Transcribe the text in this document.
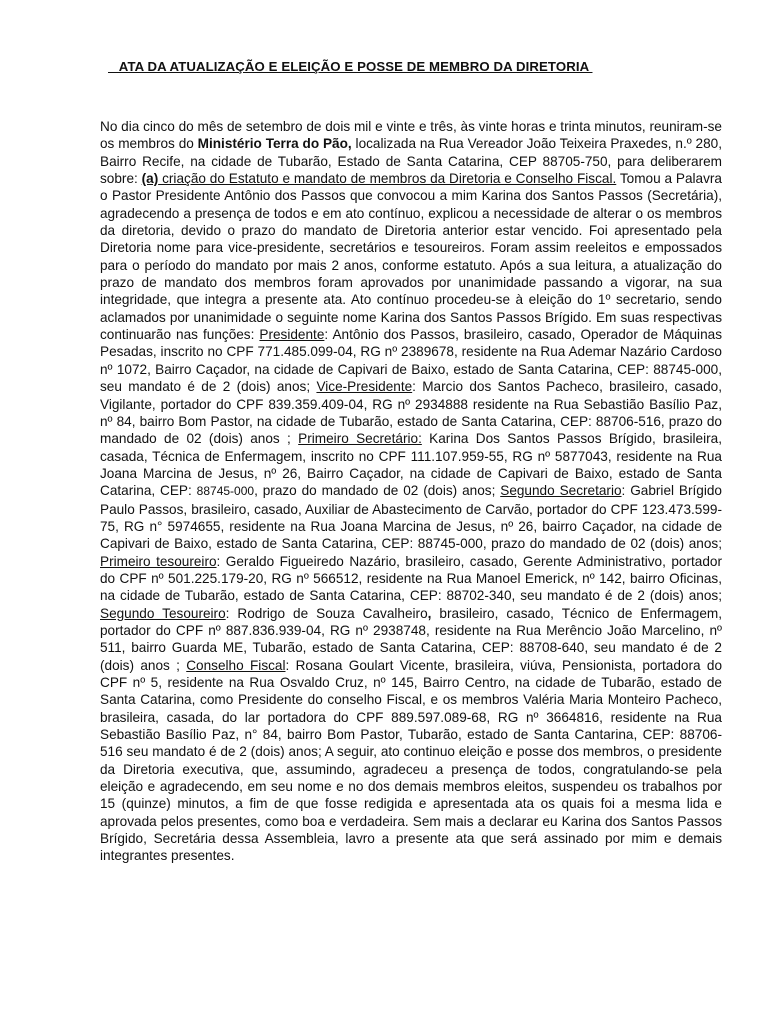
ATA DA ATUALIZAÇÃO E ELEIÇÃO E POSSE DE MEMBRO DA DIRETORIA
No dia cinco do mês de setembro de dois mil e vinte e três, às vinte horas e trinta minutos, reuniram-se os membros do Ministério Terra do Pão, localizada na Rua Vereador João Teixeira Praxedes, n.º 280, Bairro Recife, na cidade de Tubarão, Estado de Santa Catarina, CEP 88705-750, para deliberarem sobre: (a) criação do Estatuto e mandato de membros da Diretoria e Conselho Fiscal. Tomou a Palavra o Pastor Presidente Antônio dos Passos que convocou a mim Karina dos Santos Passos (Secretária), agradecendo a presença de todos e em ato contínuo, explicou a necessidade de alterar o os membros da diretoria, devido o prazo do mandato de Diretoria anterior estar vencido. Foi apresentado pela Diretoria nome para vice-presidente, secretários e tesoureiros. Foram assim reeleitos e empossados para o período do mandato por mais 2 anos, conforme estatuto. Após a sua leitura, a atualização do prazo de mandato dos membros foram aprovados por unanimidade passando a vigorar, na sua integridade, que integra a presente ata. Ato contínuo procedeu-se à eleição do 1º secretario, sendo aclamados por unanimidade o seguinte nome Karina dos Santos Passos Brígido. Em suas respectivas continuarão nas funções: Presidente: Antônio dos Passos, brasileiro, casado, Operador de Máquinas Pesadas, inscrito no CPF 771.485.099-04, RG nº 2389678, residente na Rua Ademar Nazário Cardoso nº 1072, Bairro Caçador, na cidade de Capivari de Baixo, estado de Santa Catarina, CEP: 88745-000, seu mandato é de 2 (dois) anos; Vice-Presidente: Marcio dos Santos Pacheco, brasileiro, casado, Vigilante, portador do CPF 839.359.409-04, RG nº 2934888 residente na Rua Sebastião Basílio Paz, nº 84, bairro Bom Pastor, na cidade de Tubarão, estado de Santa Catarina, CEP: 88706-516, prazo do mandado de 02 (dois) anos ; Primeiro Secretário: Karina Dos Santos Passos Brígido, brasileira, casada, Técnica de Enfermagem, inscrito no CPF 111.107.959-55, RG nº 5877043, residente na Rua Joana Marcina de Jesus, nº 26, Bairro Caçador, na cidade de Capivari de Baixo, estado de Santa Catarina, CEP: 88745-000, prazo do mandado de 02 (dois) anos; Segundo Secretario: Gabriel Brígido Paulo Passos, brasileiro, casado, Auxiliar de Abastecimento de Carvão, portador do CPF 123.473.599-75, RG n° 5974655, residente na Rua Joana Marcina de Jesus, nº 26, bairro Caçador, na cidade de Capivari de Baixo, estado de Santa Catarina, CEP: 88745-000, prazo do mandado de 02 (dois) anos; Primeiro tesoureiro: Geraldo Figueiredo Nazário, brasileiro, casado, Gerente Administrativo, portador do CPF nº 501.225.179-20, RG nº 566512, residente na Rua Manoel Emerick, nº 142, bairro Oficinas, na cidade de Tubarão, estado de Santa Catarina, CEP: 88702-340, seu mandato é de 2 (dois) anos; Segundo Tesoureiro: Rodrigo de Souza Cavalheiro, brasileiro, casado, Técnico de Enfermagem, portador do CPF nº 887.836.939-04, RG nº 2938748, residente na Rua Merêncio João Marcelino, nº 511, bairro Guarda ME, Tubarão, estado de Santa Catarina, CEP: 88708-640, seu mandato é de 2 (dois) anos ; Conselho Fiscal: Rosana Goulart Vicente, brasileira, viúva, Pensionista, portadora do CPF nº 5, residente na Rua Osvaldo Cruz, nº 145, Bairro Centro, na cidade de Tubarão, estado de Santa Catarina, como Presidente do conselho Fiscal, e os membros Valéria Maria Monteiro Pacheco, brasileira, casada, do lar portadora do CPF 889.597.089-68, RG nº 3664816, residente na Rua Sebastião Basílio Paz, n° 84, bairro Bom Pastor, Tubarão, estado de Santa Cantarina, CEP: 88706-516 seu mandato é de 2 (dois) anos; A seguir, ato continuo eleição e posse dos membros, o presidente da Diretoria executiva, que, assumindo, agradeceu a presença de todos, congratulando-se pela eleição e agradecendo, em seu nome e no dos demais membros eleitos, suspendeu os trabalhos por 15 (quinze) minutos, a fim de que fosse redigida e apresentada ata os quais foi a mesma lida e aprovada pelos presentes, como boa e verdadeira. Sem mais a declarar eu Karina dos Santos Passos Brígido, Secretária dessa Assembleia, lavro a presente ata que será assinado por mim e demais integrantes presentes.
